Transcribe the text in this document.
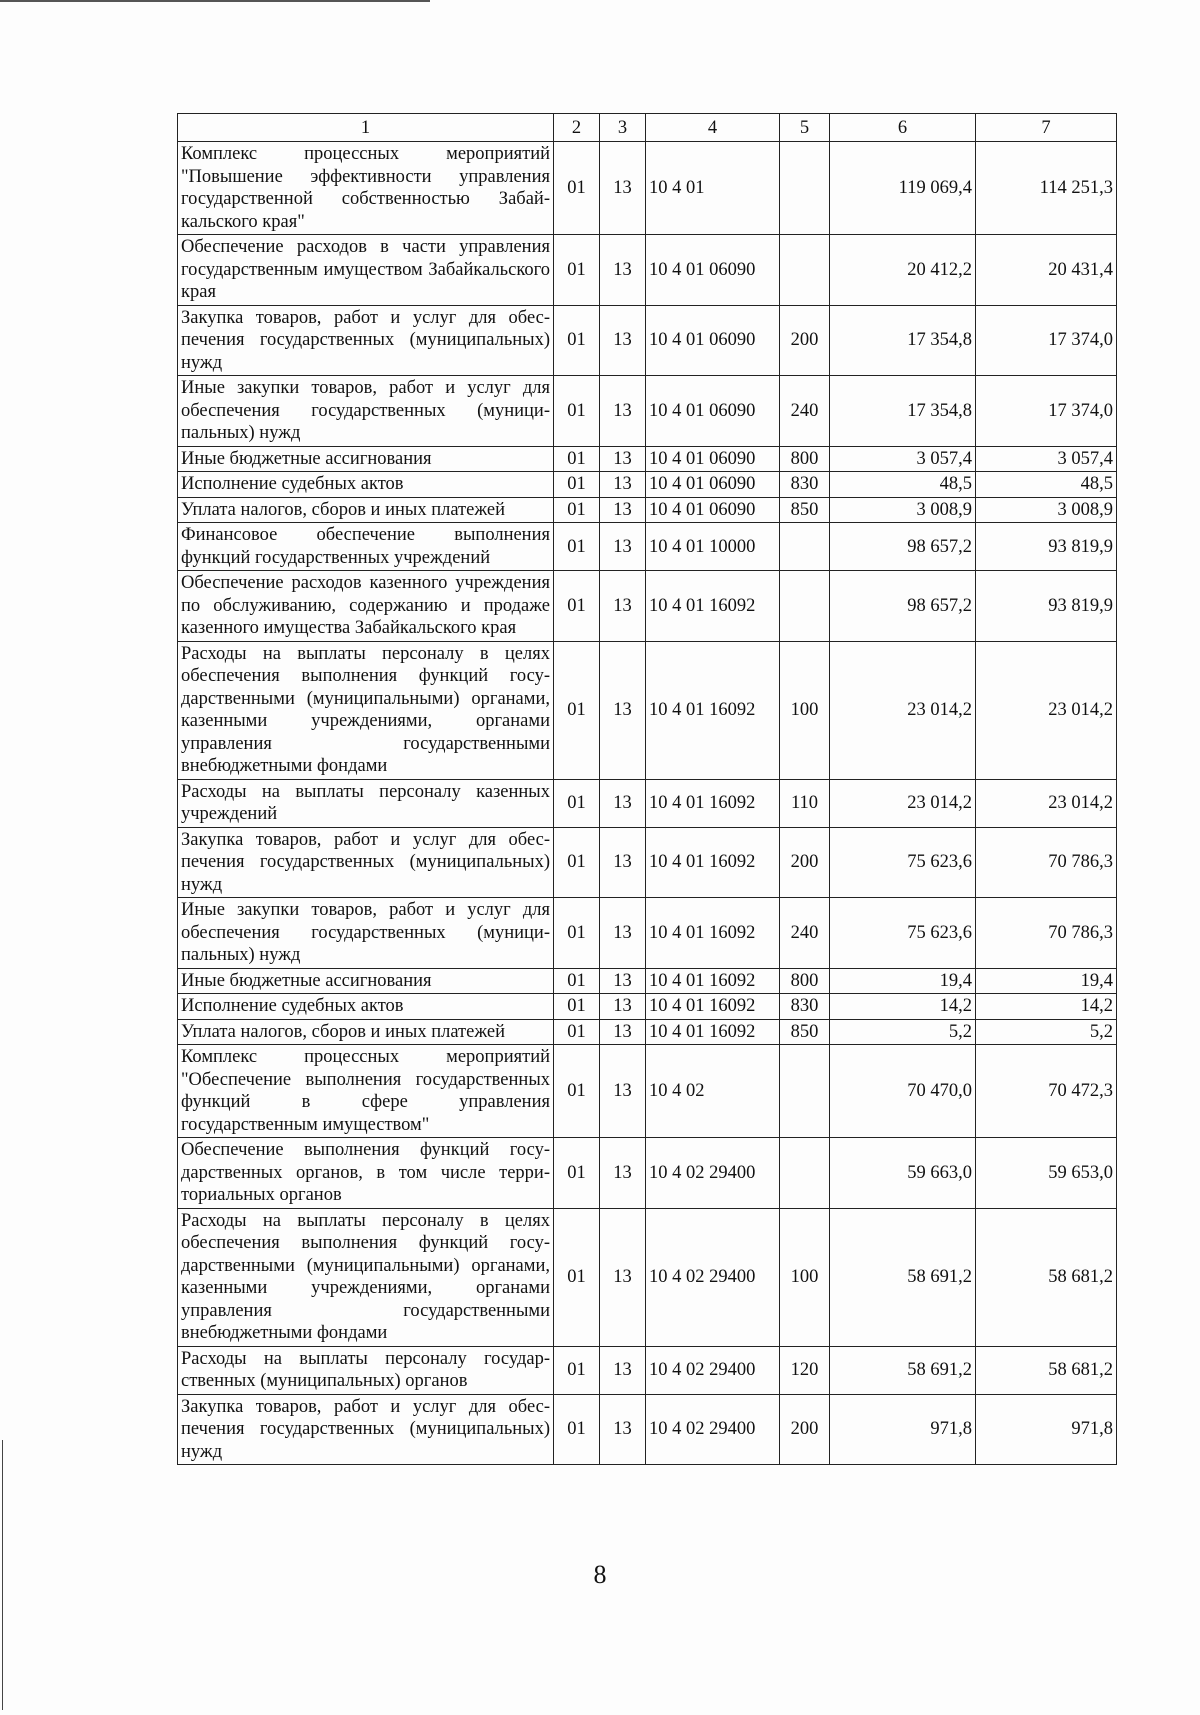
1	2	3	4	5	6	7
Комплекс процессных мероприятий "Повышение эффективности управления государственной собственностью Забайкальского края"	01	13	10 4 01		119 069,4	114 251,3
Обеспечение расходов в части управления государственным имуществом Забайкальского края	01	13	10 4 01 06090		20 412,2	20 431,4
Закупка товаров, работ и услуг для обеспечения государственных (муниципальных) нужд	01	13	10 4 01 06090	200	17 354,8	17 374,0
Иные закупки товаров, работ и услуг для обеспечения государственных (муниципальных) нужд	01	13	10 4 01 06090	240	17 354,8	17 374,0
Иные бюджетные ассигнования	01	13	10 4 01 06090	800	3 057,4	3 057,4
Исполнение судебных актов	01	13	10 4 01 06090	830	48,5	48,5
Уплата налогов, сборов и иных платежей	01	13	10 4 01 06090	850	3 008,9	3 008,9
Финансовое обеспечение выполнения функций государственных учреждений	01	13	10 4 01 10000		98 657,2	93 819,9
Обеспечение расходов казенного учреждения по обслуживанию, содержанию и продаже казенного имущества Забайкальского края	01	13	10 4 01 16092		98 657,2	93 819,9
Расходы на выплаты персоналу в целях обеспечения выполнения функций государственными (муниципальными) органами, казенными учреждениями, органами управления государственными внебюджетными фондами	01	13	10 4 01 16092	100	23 014,2	23 014,2
Расходы на выплаты персоналу казенных учреждений	01	13	10 4 01 16092	110	23 014,2	23 014,2
Закупка товаров, работ и услуг для обеспечения государственных (муниципальных) нужд	01	13	10 4 01 16092	200	75 623,6	70 786,3
Иные закупки товаров, работ и услуг для обеспечения государственных (муниципальных) нужд	01	13	10 4 01 16092	240	75 623,6	70 786,3
Иные бюджетные ассигнования	01	13	10 4 01 16092	800	19,4	19,4
Исполнение судебных актов	01	13	10 4 01 16092	830	14,2	14,2
Уплата налогов, сборов и иных платежей	01	13	10 4 01 16092	850	5,2	5,2
Комплекс процессных мероприятий "Обеспечение выполнения государственных функций в сфере управления государственным имуществом"	01	13	10 4 02		70 470,0	70 472,3
Обеспечение выполнения функций государственных органов, в том числе территориальных органов	01	13	10 4 02 29400		59 663,0	59 653,0
Расходы на выплаты персоналу в целях обеспечения выполнения функций государственными (муниципальными) органами, казенными учреждениями, органами управления государственными внебюджетными фондами	01	13	10 4 02 29400	100	58 691,2	58 681,2
Расходы на выплаты персоналу государственных (муниципальных) органов	01	13	10 4 02 29400	120	58 691,2	58 681,2
Закупка товаров, работ и услуг для обеспечения государственных (муниципальных) нужд	01	13	10 4 02 29400	200	971,8	971,8
8
